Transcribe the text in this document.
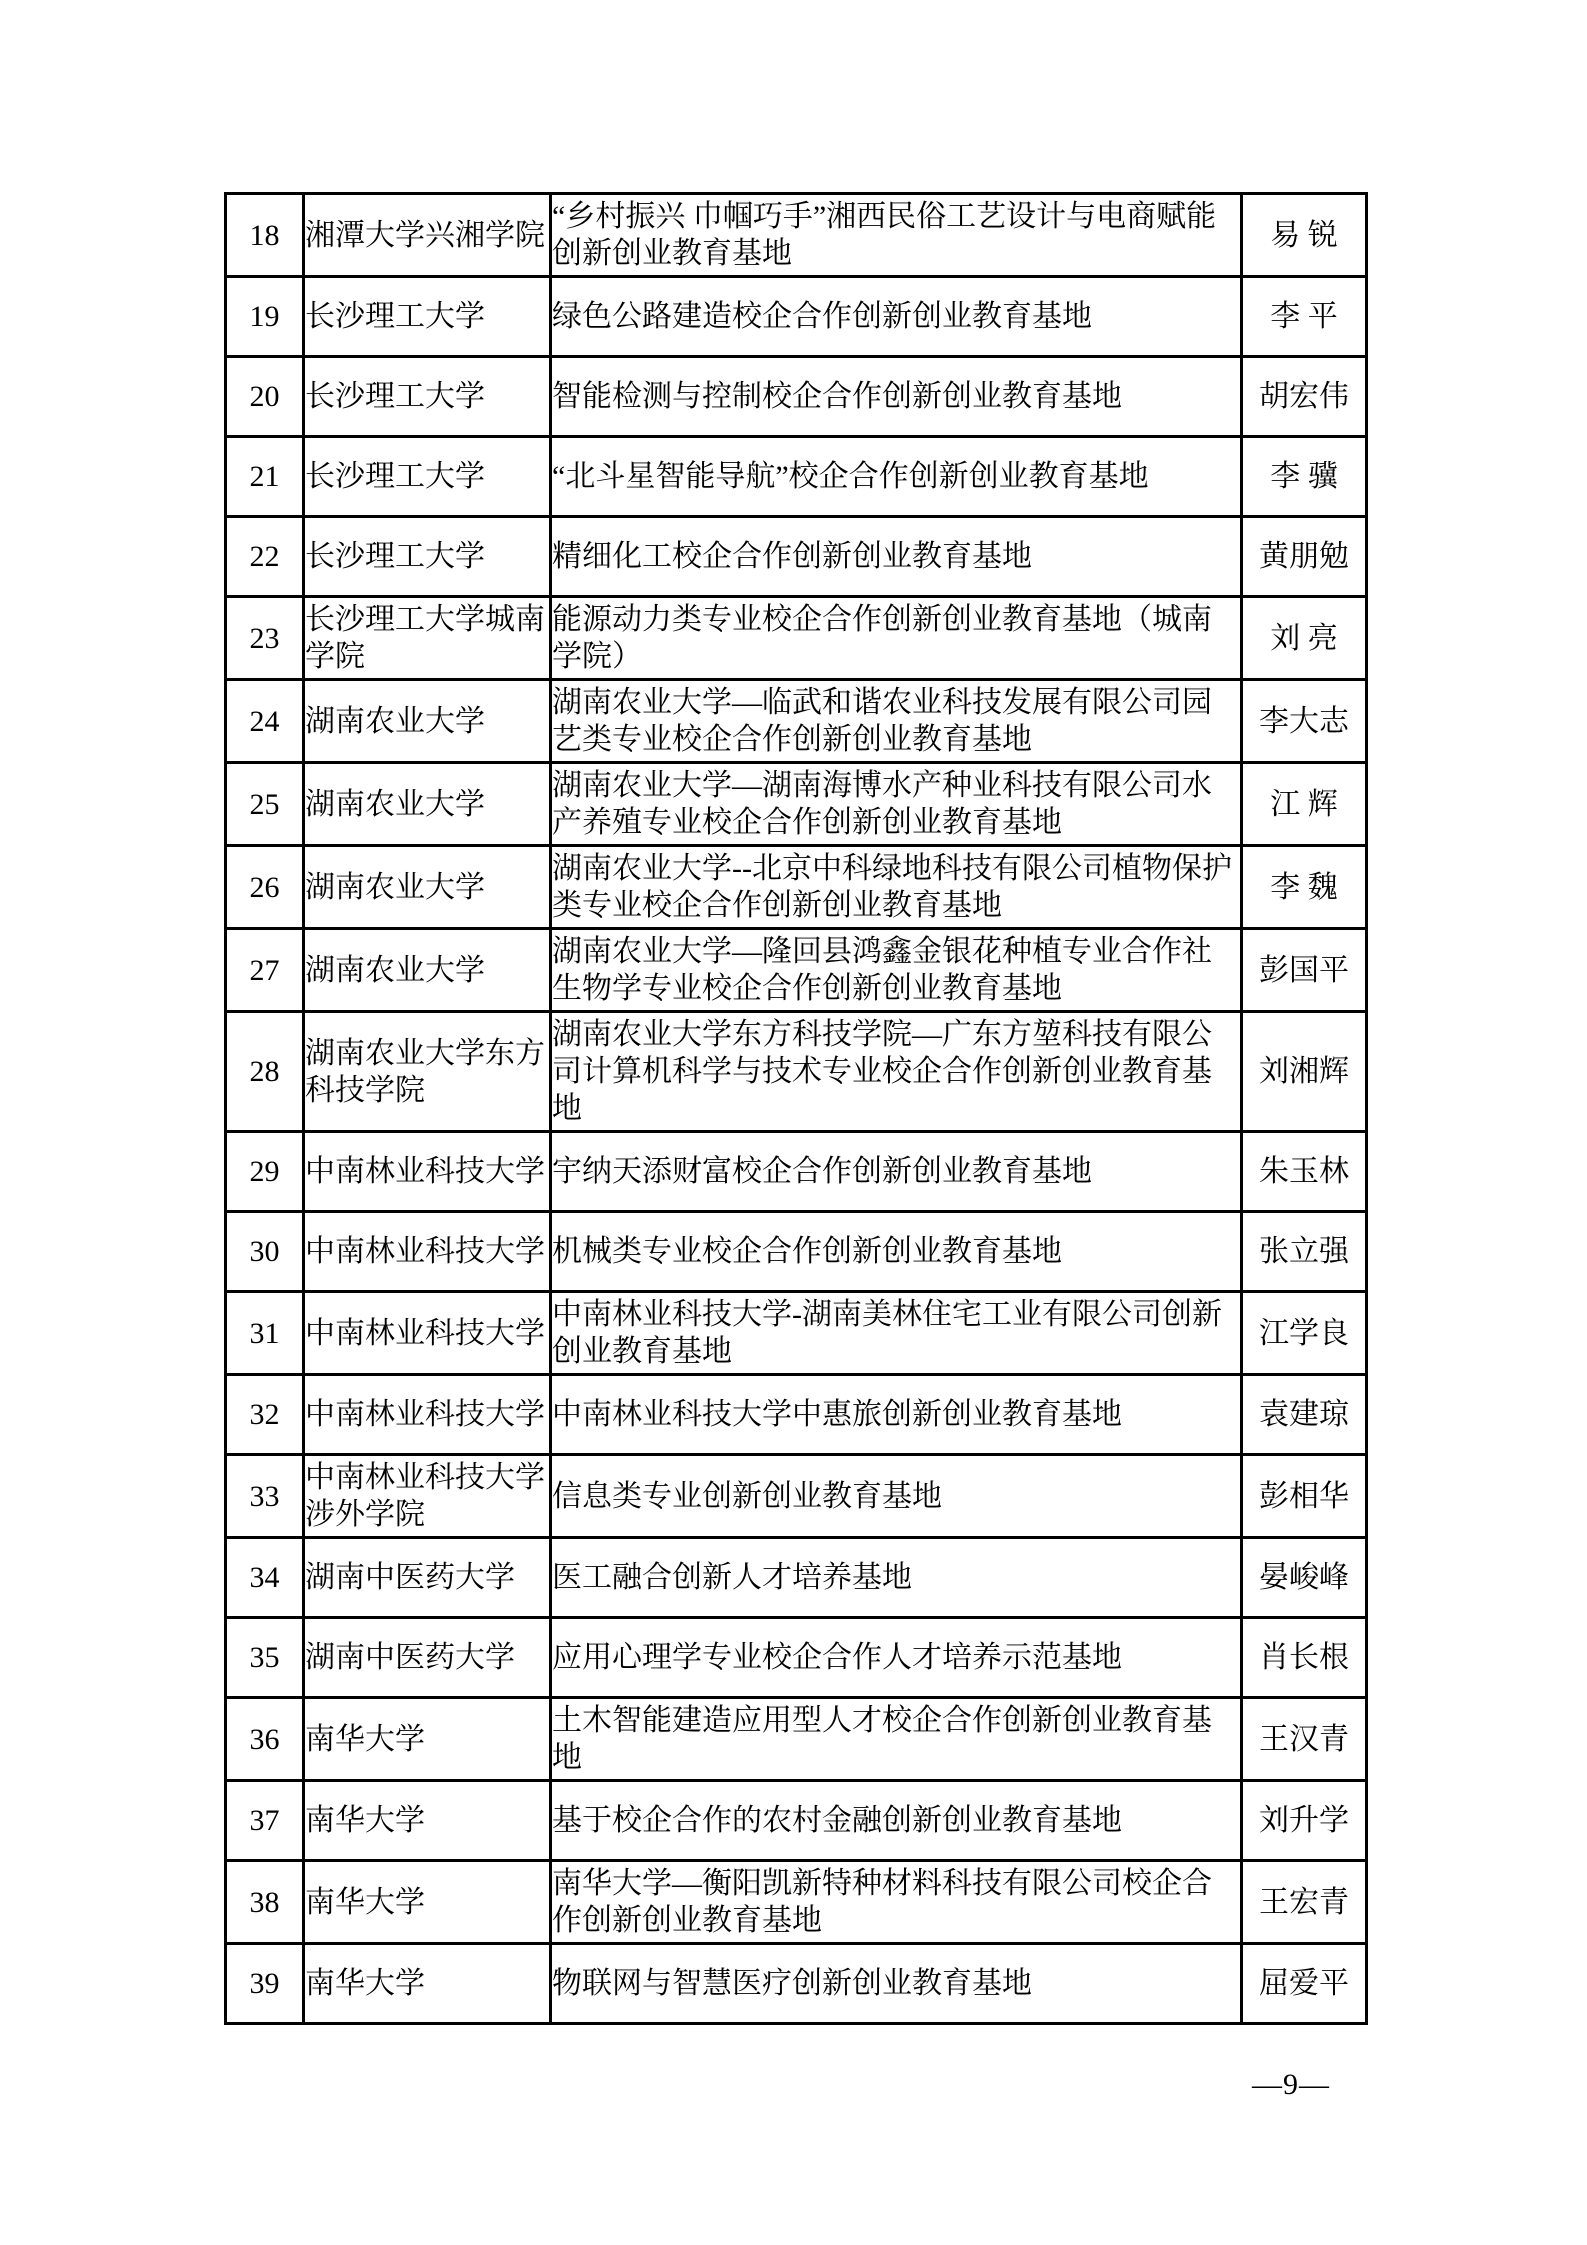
18	湘潭大学兴湘学院	“乡村振兴 巾帼巧手”湘西民俗工艺设计与电商赋能创新创业教育基地	易 锐
19	长沙理工大学	绿色公路建造校企合作创新创业教育基地	李 平
20	长沙理工大学	智能检测与控制校企合作创新创业教育基地	胡宏伟
21	长沙理工大学	“北斗星智能导航”校企合作创新创业教育基地	李 骥
22	长沙理工大学	精细化工校企合作创新创业教育基地	黄朋勉
23	长沙理工大学城南学院	能源动力类专业校企合作创新创业教育基地（城南学院）	刘 亮
24	湖南农业大学	湖南农业大学—临武和谐农业科技发展有限公司园艺类专业校企合作创新创业教育基地	李大志
25	湖南农业大学	湖南农业大学—湖南海博水产种业科技有限公司水产养殖专业校企合作创新创业教育基地	江 辉
26	湖南农业大学	湖南农业大学--北京中科绿地科技有限公司植物保护类专业校企合作创新创业教育基地	李 魏
27	湖南农业大学	湖南农业大学—隆回县鸿鑫金银花种植专业合作社生物学专业校企合作创新创业教育基地	彭国平
28	湖南农业大学东方科技学院	湖南农业大学东方科技学院—广东方堃科技有限公司计算机科学与技术专业校企合作创新创业教育基地	刘湘辉
29	中南林业科技大学	宇纳天添财富校企合作创新创业教育基地	朱玉林
30	中南林业科技大学	机械类专业校企合作创新创业教育基地	张立强
31	中南林业科技大学	中南林业科技大学-湖南美林住宅工业有限公司创新创业教育基地	江学良
32	中南林业科技大学	中南林业科技大学中惠旅创新创业教育基地	袁建琼
33	中南林业科技大学涉外学院	信息类专业创新创业教育基地	彭相华
34	湖南中医药大学	医工融合创新人才培养基地	晏峻峰
35	湖南中医药大学	应用心理学专业校企合作人才培养示范基地	肖长根
36	南华大学	土木智能建造应用型人才校企合作创新创业教育基地	王汉青
37	南华大学	基于校企合作的农村金融创新创业教育基地	刘升学
38	南华大学	南华大学—衡阳凯新特种材料科技有限公司校企合作创新创业教育基地	王宏青
39	南华大学	物联网与智慧医疗创新创业教育基地	屈爱平
—9—
